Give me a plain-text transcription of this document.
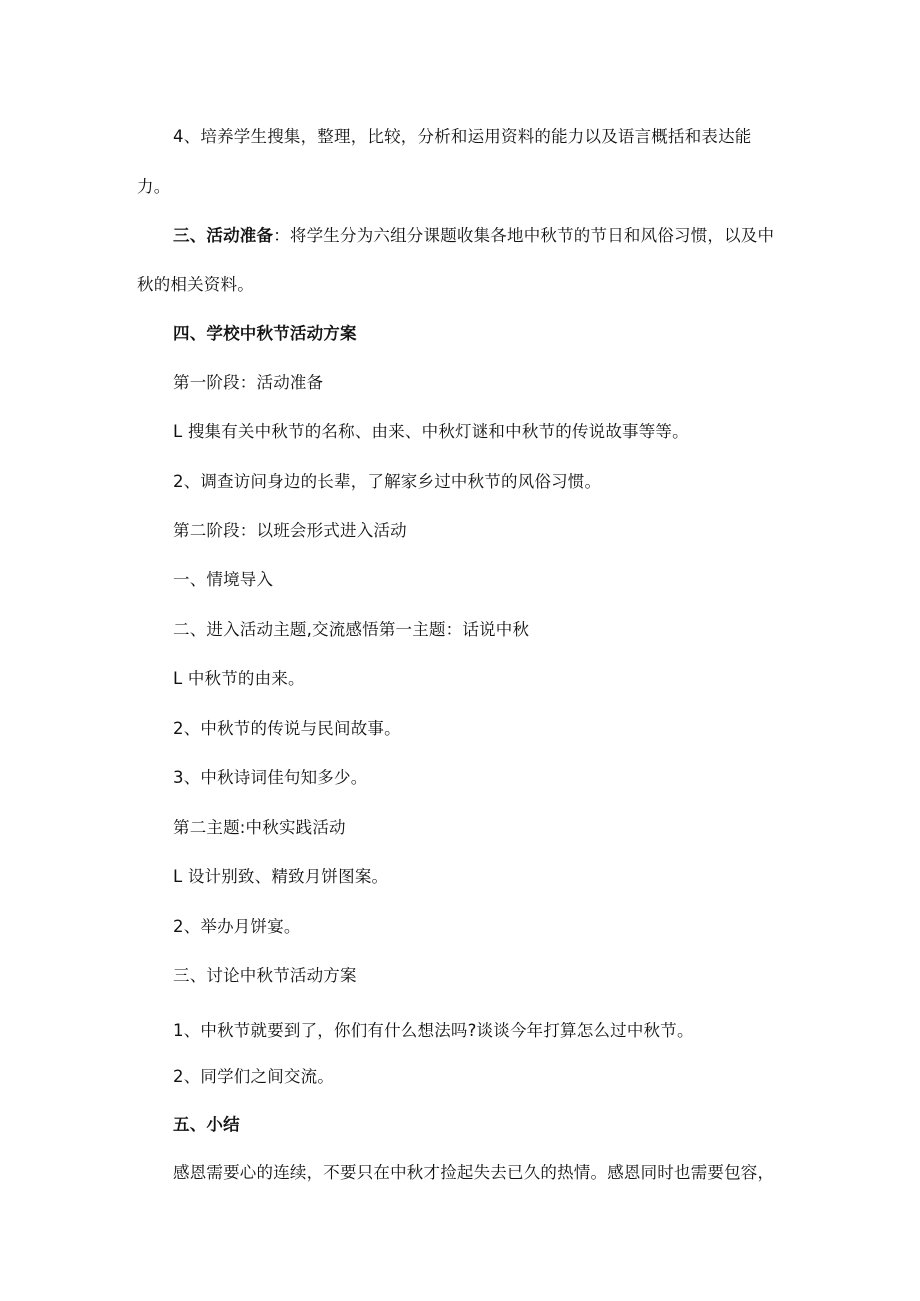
4、培养学生搜集，整理，比较，分析和运用资料的能力以及语言概括和表达能
力。
三、活动准备：将学生分为六组分课题收集各地中秋节的节日和风俗习惯，以及中
秋的相关资料。
四、学校中秋节活动方案
第一阶段：活动准备
L 搜集有关中秋节的名称、由来、中秋灯谜和中秋节的传说故事等等。
2、调查访问身边的长辈，了解家乡过中秋节的风俗习惯。
第二阶段：以班会形式进入活动
一、情境导入
二、进入活动主题,交流感悟第一主题：话说中秋
L 中秋节的由来。
2、中秋节的传说与民间故事。
3、中秋诗词佳句知多少。
第二主题:中秋实践活动
L 设计别致、精致月饼图案。
2、举办月饼宴。
三、讨论中秋节活动方案
1、中秋节就要到了，你们有什么想法吗?谈谈今年打算怎么过中秋节。
2、同学们之间交流。
五、小结
感恩需要心的连续，不要只在中秋才捡起失去已久的热情。感恩同时也需要包容，
